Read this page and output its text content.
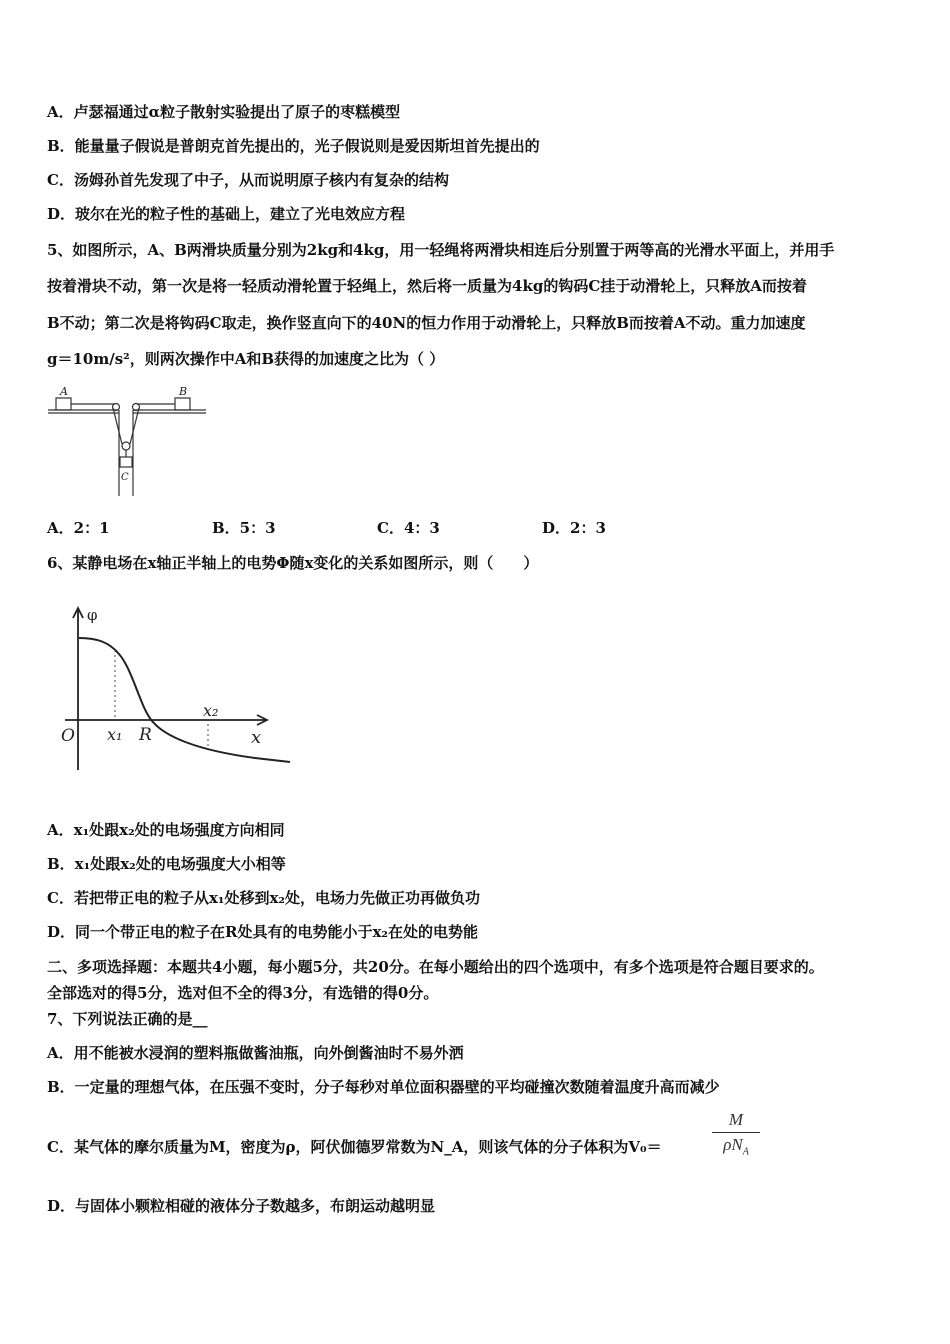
A．卢瑟福通过α粒子散射实验提出了原子的枣糕模型
B．能量量子假说是普朗克首先提出的，光子假说则是爱因斯坦首先提出的
C．汤姆孙首先发现了中子，从而说明原子核内有复杂的结构
D．玻尔在光的粒子性的基础上，建立了光电效应方程
5、如图所示，A、B两滑块质量分别为2kg和4kg，用一轻绳将两滑块相连后分别置于两等高的光滑水平面上，并用手
按着滑块不动，第一次是将一轻质动滑轮置于轻绳上，然后将一质量为4kg的钩码C挂于动滑轮上，只释放A而按着
B不动；第二次是将钩码C取走，换作竖直向下的40N的恒力作用于动滑轮上，只释放B而按着A不动。重力加速度
g＝10m/s²，则两次操作中A和B获得的加速度之比为（ ）
A	B
C
A．2：1	B．5：3	C．4：3	D．2：3
6、某静电场在x轴正半轴上的电势Φ随x变化的关系如图所示，则（　　）
φ
O x₁ R
x₂
x
A．x₁处跟x₂处的电场强度方向相同
B．x₁处跟x₂处的电场强度大小相等
C．若把带正电的粒子从x₁处移到x₂处，电场力先做正功再做负功
D．同一个带正电的粒子在R处具有的电势能小于x₂在处的电势能
二、多项选择题：本题共4小题，每小题5分，共20分。在每小题给出的四个选项中，有多个选项是符合题目要求的。
全部选对的得5分，选对但不全的得3分，有选错的得0分。
7、下列说法正确的是__
A．用不能被水浸润的塑料瓶做酱油瓶，向外倒酱油时不易外洒
B．一定量的理想气体，在压强不变时，分子每秒对单位面积器壁的平均碰撞次数随着温度升高而减少
C．某气体的摩尔质量为M，密度为ρ，阿伏伽德罗常数为N_A，则该气体的分子体积为V₀＝
M
$\rho N_A$
D．与固体小颗粒相碰的液体分子数越多，布朗运动越明显
